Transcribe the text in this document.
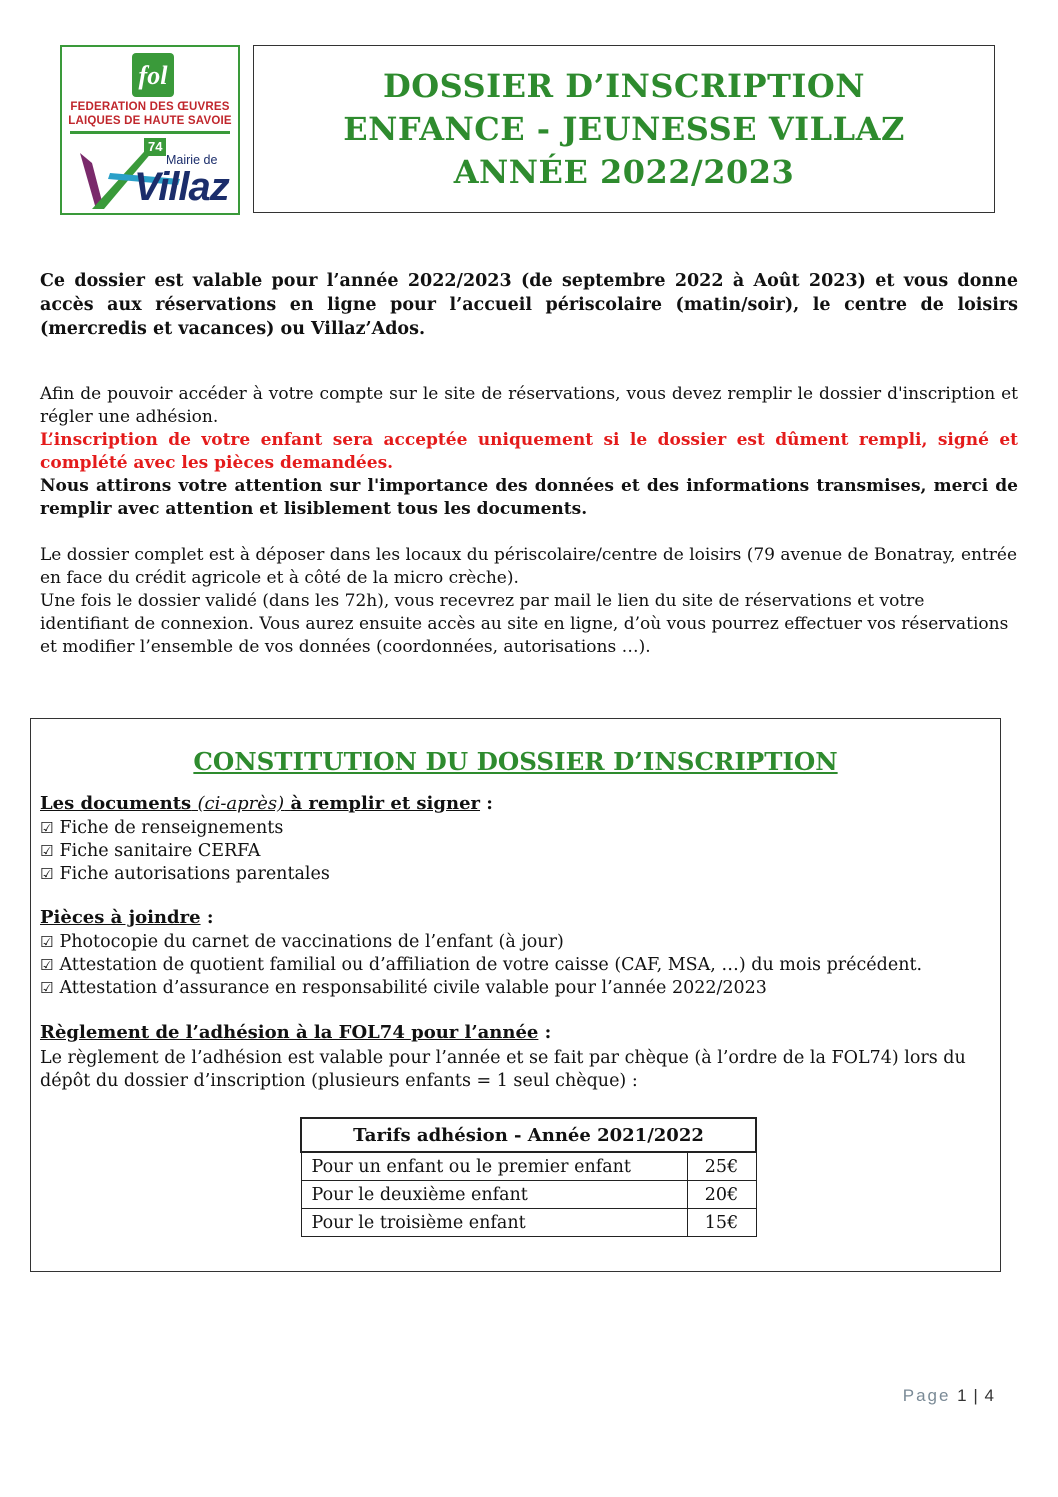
fol
FEDERATION DES ŒUVRES
LAIQUES DE HAUTE SAVOIE
74
Mairie de
Villaz
DOSSIER D’INSCRIPTION
ENFANCE - JEUNESSE VILLAZ
ANNÉE 2022/2023

Ce dossier est valable pour l’année 2022/2023 (de septembre 2022 à Août 2023) et vous donne accès aux réservations en ligne pour l’accueil périscolaire (matin/soir), le centre de loisirs (mercredis et vacances) ou Villaz’Ados.

Afin de pouvoir accéder à votre compte sur le site de réservations, vous devez remplir le dossier d'inscription et régler une adhésion.

L’inscription de votre enfant sera acceptée uniquement si le dossier est dûment rempli, signé et complété avec les pièces demandées.

Nous attirons votre attention sur l'importance des données et des informations transmises, merci de remplir avec attention et lisiblement tous les documents.

Le dossier complet est à déposer dans les locaux du périscolaire/centre de loisirs (79 avenue de Bonatray, entrée en face du crédit agricole et à côté de la micro crèche).

Une fois le dossier validé (dans les 72h), vous recevrez par mail le lien du site de réservations et votre identifiant de connexion. Vous aurez ensuite accès au site en ligne, d’où vous pourrez effectuer vos réservations et modifier l’ensemble de vos données (coordonnées, autorisations …).

CONSTITUTION DU DOSSIER D’INSCRIPTION
Les documents (ci-après) à remplir et signer :
☑ Fiche de renseignements
☑ Fiche sanitaire CERFA
☑ Fiche autorisations parentales
Pièces à joindre :
☑ Photocopie du carnet de vaccinations de l’enfant (à jour)
☑ Attestation de quotient familial ou d’affiliation de votre caisse (CAF, MSA, …) du mois précédent.
☑ Attestation d’assurance en responsabilité civile valable pour l’année 2022/2023
Règlement de l’adhésion à la FOL74 pour l’année :

Le règlement de l’adhésion est valable pour l’année et se fait par chèque (à l’ordre de la FOL74) lors du dépôt du dossier d’inscription (plusieurs enfants = 1 seul chèque) :

Tarifs adhésion - Année 2021/2022	
Pour un enfant ou le premier enfant	25€
Pour le deuxième enfant	20€
Pour le troisième enfant	15€
Page 1 | 4
